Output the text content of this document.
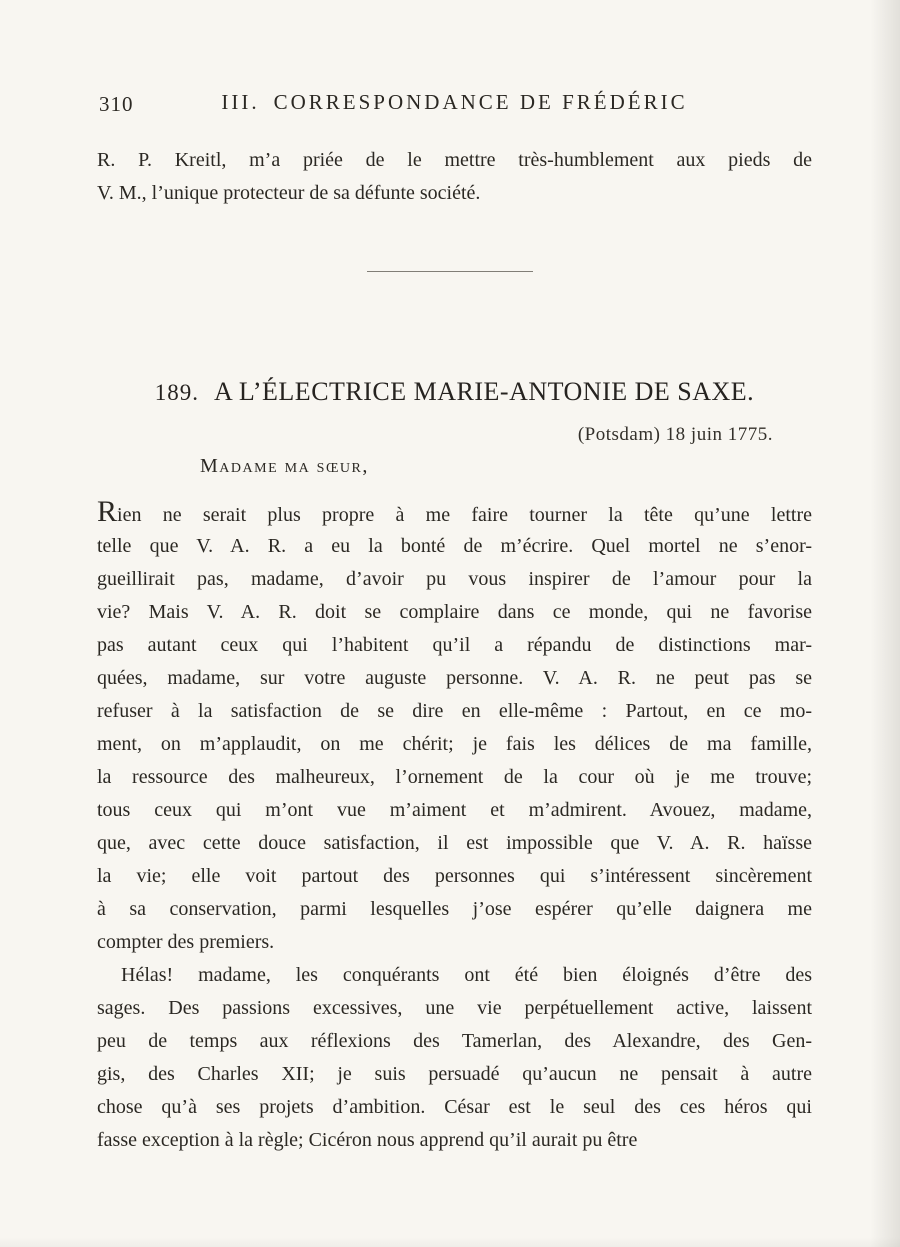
310	III. CORRESPONDANCE DE FRÉDÉRIC
R. P. Kreitl, m’a priée de le mettre très-humblement aux pieds de
V. M., l’unique protecteur de sa défunte société.
189. A L’ÉLECTRICE MARIE-ANTONIE DE SAXE.
(Potsdam) 18 juin 1775.
Madame ma sœur,
Rien ne serait plus propre à me faire tourner la tête qu’une lettre
telle que V. A. R. a eu la bonté de m’écrire. Quel mortel ne s’enor-
gueillirait pas, madame, d’avoir pu vous inspirer de l’amour pour la
vie? Mais V. A. R. doit se complaire dans ce monde, qui ne favorise
pas autant ceux qui l’habitent qu’il a répandu de distinctions mar-
quées, madame, sur votre auguste personne. V. A. R. ne peut pas se
refuser à la satisfaction de se dire en elle-même : Partout, en ce mo-
ment, on m’applaudit, on me chérit; je fais les délices de ma famille,
la ressource des malheureux, l’ornement de la cour où je me trouve;
tous ceux qui m’ont vue m’aiment et m’admirent. Avouez, madame,
que, avec cette douce satisfaction, il est impossible que V. A. R. haïsse
la vie; elle voit partout des personnes qui s’intéressent sincèrement
à sa conservation, parmi lesquelles j’ose espérer qu’elle daignera me
compter des premiers.
Hélas! madame, les conquérants ont été bien éloignés d’être des
sages. Des passions excessives, une vie perpétuellement active, laissent
peu de temps aux réflexions des Tamerlan, des Alexandre, des Gen-
gis, des Charles XII; je suis persuadé qu’aucun ne pensait à autre
chose qu’à ses projets d’ambition. César est le seul des ces héros qui
fasse exception à la règle; Cicéron nous apprend qu’il aurait pu être
